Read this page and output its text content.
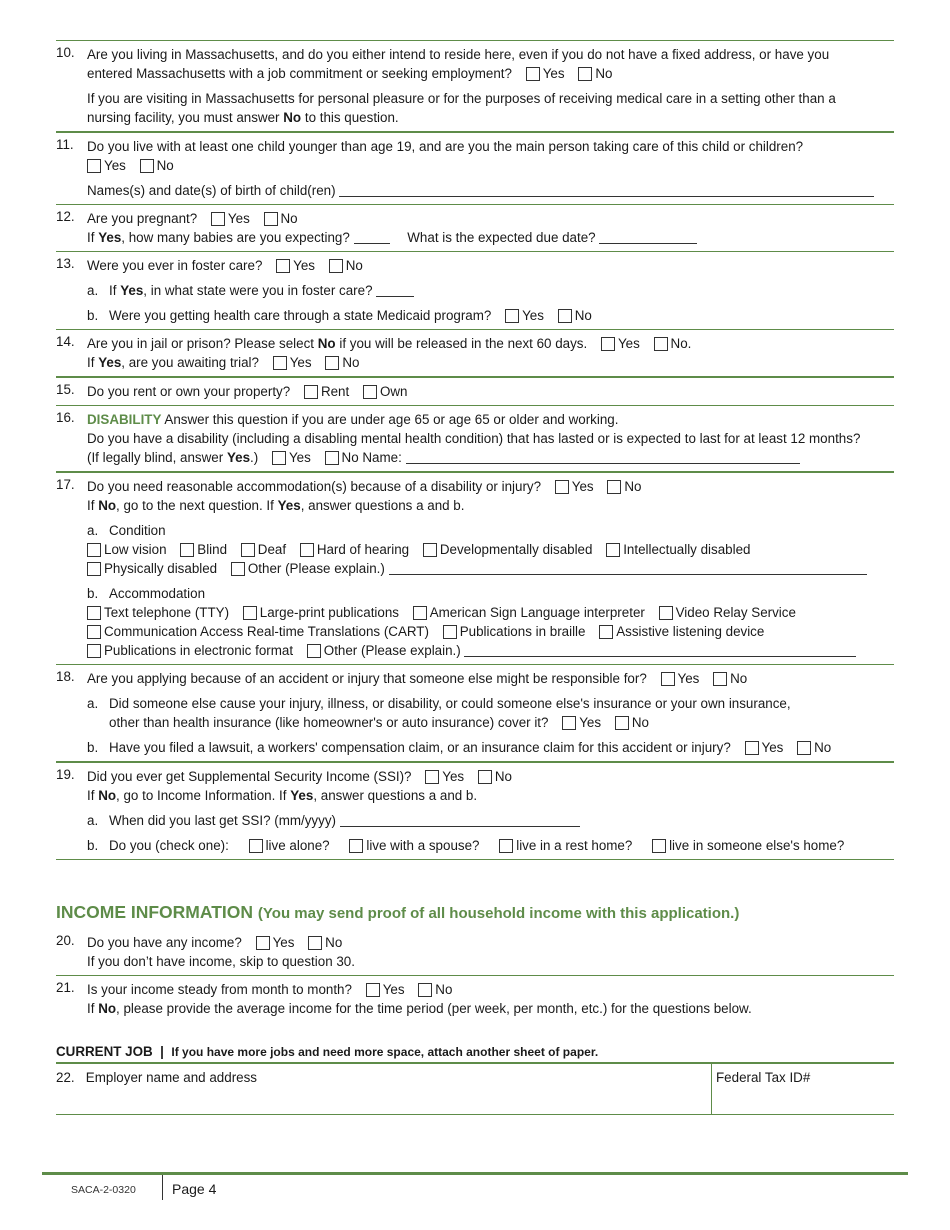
10. Are you living in Massachusetts, and do you either intend to reside here, even if you do not have a fixed address, or have you
entered Massachusetts with a job commitment or seeking employment? Yes No
If you are visiting in Massachusetts for personal pleasure or for the purposes of receiving medical care in a setting other than a
nursing facility, you must answer No to this question.
11. Do you live with at least one child younger than age 19, and are you the main person taking care of this child or children?
Yes No
Names(s) and date(s) of birth of child(ren)
12. Are you pregnant? Yes No
If Yes, how many babies are you expecting?	What is the expected due date?
13. Were you ever in foster care? Yes No
a. If Yes, in what state were you in foster care?
b. Were you getting health care through a state Medicaid program? Yes No
14. Are you in jail or prison? Please select No if you will be released in the next 60 days. Yes No.
If Yes, are you awaiting trial? Yes No
15. Do you rent or own your property? Rent Own
16. DISABILITY Answer this question if you are under age 65 or age 65 or older and working.
Do you have a disability (including a disabling mental health condition) that has lasted or is expected to last for at least 12 months?
(If legally blind, answer Yes.) Yes No Name:
17. Do you need reasonable accommodation(s) because of a disability or injury? Yes No
If No, go to the next question. If Yes, answer questions a and b.
a. Condition
Low vision Blind Deaf Hard of hearing Developmentally disabled Intellectually disabled
Physically disabled Other (Please explain.)
b. Accommodation
Text telephone (TTY) Large-print publications American Sign Language interpreter Video Relay Service
Communication Access Real-time Translations (CART) Publications in braille Assistive listening device
Publications in electronic format Other (Please explain.)
18. Are you applying because of an accident or injury that someone else might be responsible for? Yes No
a. Did someone else cause your injury, illness, or disability, or could someone else's insurance or your own insurance,
other than health insurance (like homeowner's or auto insurance) cover it? Yes No
b. Have you filed a lawsuit, a workers' compensation claim, or an insurance claim for this accident or injury? Yes No
19. Did you ever get Supplemental Security Income (SSI)? Yes No
If No, go to Income Information. If Yes, answer questions a and b.
a. When did you last get SSI? (mm/yyyy)
b. Do you (check one):	live alone?	live with a spouse?	live in a rest home?	live in someone else's home?
INCOME INFORMATION (You may send proof of all household income with this application.)
20. Do you have any income? Yes No
If you don’t have income, skip to question 30.
21. Is your income steady from month to month? Yes No
If No, please provide the average income for the time period (per week, per month, etc.) for the questions below.
CURRENT JOB | If you have more jobs and need more space, attach another sheet of paper.
22. Employer name and address	Federal Tax ID#
SACA-2-0320	Page 4
